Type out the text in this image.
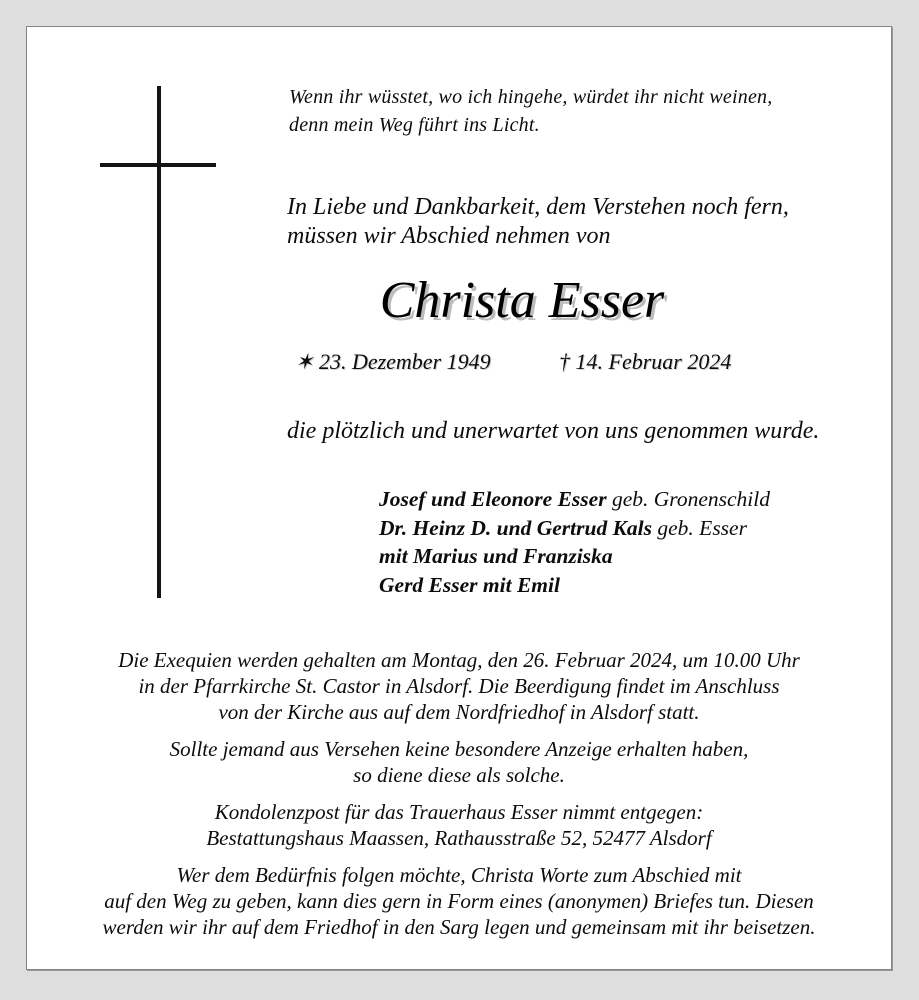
Wenn ihr wüsstet, wo ich hingehe, würdet ihr nicht weinen,
denn mein Weg führt ins Licht.
In Liebe und Dankbarkeit, dem Verstehen noch fern,
müssen wir Abschied nehmen von
Christa Esser
✶ 23. Dezember 1949	† 14. Februar 2024
die plötzlich und unerwartet von uns genommen wurde.
Josef und Eleonore Esser geb. Gronenschild
Dr. Heinz D. und Gertrud Kals geb. Esser
mit Marius und Franziska
Gerd Esser mit Emil
Die Exequien werden gehalten am Montag, den 26. Februar 2024, um 10.00 Uhr
in der Pfarrkirche St. Castor in Alsdorf. Die Beerdigung findet im Anschluss
von der Kirche aus auf dem Nordfriedhof in Alsdorf statt.
Sollte jemand aus Versehen keine besondere Anzeige erhalten haben,
so diene diese als solche.
Kondolenzpost für das Trauerhaus Esser nimmt entgegen:
Bestattungshaus Maassen, Rathausstraße 52, 52477 Alsdorf
Wer dem Bedürfnis folgen möchte, Christa Worte zum Abschied mit
auf den Weg zu geben, kann dies gern in Form eines (anonymen) Briefes tun. Diesen
werden wir ihr auf dem Friedhof in den Sarg legen und gemeinsam mit ihr beisetzen.
